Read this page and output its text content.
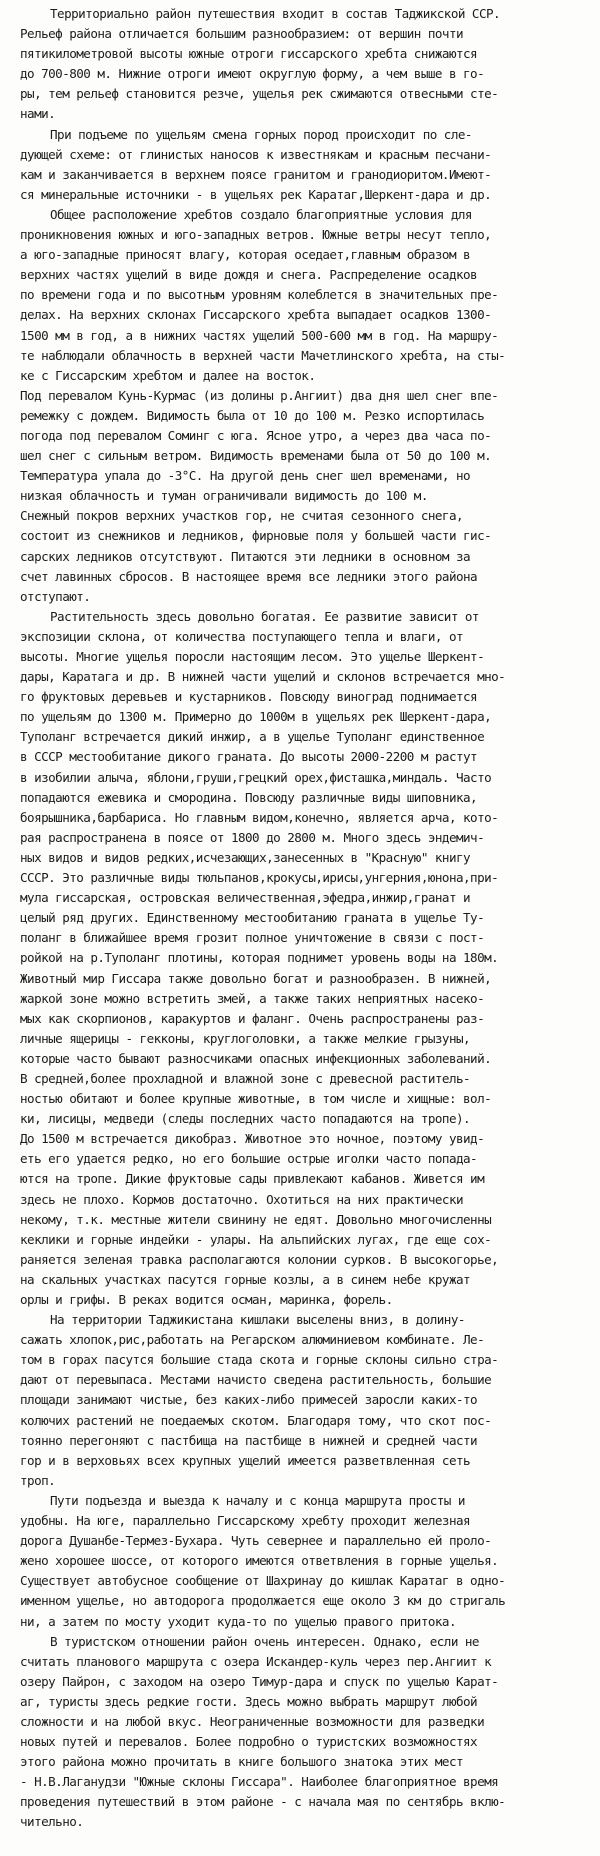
Территориально район путешествия входит в состав Таджикской ССР.
Рельеф района отличается большим разнообразием: от вершин почти
пятикилометровой высоты южные отроги гиссарского хребта снижаются
до 700-800 м. Нижние отроги имеют округлую форму, а чем выше в го-
ры, тем рельеф становится резче, ущелья рек сжимаются отвесными сте-
нами.
При подъеме по ущельям смена горных пород происходит по сле-
дующей схеме: от глинистых наносов к известнякам и красным песчани-
кам и заканчивается в верхнем поясе гранитом и гранодиоритом.Имеют-
ся минеральные источники - в ущельях рек Каратаг,Шеркент-дара и др.
Общее расположение хребтов создало благоприятные условия для
проникновения южных и юго-западных ветров. Южные ветры несут тепло,
а юго-западные приносят влагу, которая оседает,главным образом в
верхних частях ущелий в виде дождя и снега. Распределение осадков
по времени года и по высотным уровням колеблется в значительных пре-
делах. На верхних склонах Гиссарского хребта выпадает осадков 1300-
1500 мм в год, а в нижних частях ущелий 500-600 мм в год. На маршру-
те наблюдали облачность в верхней части Мачетлинского хребта, на сты-
ке с Гиссарским хребтом и далее на восток.
Под перевалом Кунь-Курмас (из долины р.Ангиит) два дня шел снег впе-
ремежку с дождем. Видимость была от 10 до 100 м. Резко испортилась
погода под перевалом Соминг с юга. Ясное утро, а через два часа по-
шел снег с сильным ветром. Видимость временами была от 50 до 100 м.
Температура упала до -3°С. На другой день снег шел временами, но
низкая облачность и туман ограничивали видимость до 100 м.
Снежный покров верхних участков гор, не считая сезонного снега,
состоит из снежников и ледников, фирновые поля у большей части гис-
сарских ледников отсутствуют. Питаются эти ледники в основном за
счет лавинных сбросов. В настоящее время все ледники этого района
отступают.
Растительность здесь довольно богатая. Ее развитие зависит от
экспозиции склона, от количества поступающего тепла и влаги, от
высоты. Многие ущелья поросли настоящим лесом. Это ущелье Шеркент-
дары, Каратага и др. В нижней части ущелий и склонов встречается мно-
го фруктовых деревьев и кустарников. Повсюду виноград поднимается
по ущельям до 1300 м. Примерно до 1000м в ущельях рек Шеркент-дара,
Туполанг встречается дикий инжир, а в ущелье Туполанг единственное
в СССР местообитание дикого граната. До высоты 2000-2200 м растут
в изобилии алыча, яблони,груши,грецкий орех,фисташка,миндаль. Часто
попадаются ежевика и смородина. Повсюду различные виды шиповника,
боярышника,барбариса. Но главным видом,конечно, является арча, кото-
рая распространена в поясе от 1800 до 2800 м. Много здесь эндемич-
ных видов и видов редких,исчезающих,занесенных в "Красную" книгу
СССР. Это различные виды тюльпанов,крокусы,ирисы,унгерния,юнона,при-
мула гиссарская, островская величественная,эфедра,инжир,гранат и
целый ряд других. Единственному местообитанию граната в ущелье Ту-
поланг в ближайшее время грозит полное уничтожение в связи с пост-
ройкой на р.Туполанг плотины, которая поднимет уровень воды на 180м.
Животный мир Гиссара также довольно богат и разнообразен. В нижней,
жаркой зоне можно встретить змей, а также таких неприятных насеко-
мых как скорпионов, каракуртов и фаланг. Очень распространены раз-
личные ящерицы - гекконы, круглоголовки, а также мелкие грызуны,
которые часто бывают разносчиками опасных инфекционных заболеваний.
В средней,более прохладной и влажной зоне с древесной раститель-
ностью обитают и более крупные животные, в том числе и хищные: вол-
ки, лисицы, медведи (следы последних часто попадаются на тропе).
До 1500 м встречается дикобраз. Животное это ночное, поэтому увид-
еть его удается редко, но его большие острые иголки часто попада-
ются на тропе. Дикие фруктовые сады привлекают кабанов. Живется им
здесь не плохо. Кормов достаточно. Охотиться на них практически
некому, т.к. местные жители свинину не едят. Довольно многочисленны
кеклики и горные индейки - улары. На альпийских лугах, где еще сох-
раняется зеленая травка располагаются колонии сурков. В высокогорье,
на скальных участках пасутся горные козлы, а в синем небе кружат
орлы и грифы. В реках водится осман, маринка, форель.
На территории Таджикистана кишлаки выселены вниз, в долину-
сажать хлопок,рис,работать на Регарском алюминиевом комбинате. Ле-
том в горах пасутся большие стада скота и горные склоны сильно стра-
дают от перевыпаса. Местами начисто сведена растительность, большие
площади занимают чистые, без каких-либо примесей заросли каких-то
колючих растений не поедаемых скотом. Благодаря тому, что скот пос-
тоянно перегоняют с пастбища на пастбище в нижней и средней части
гор и в верховьях всех крупных ущелий имеется разветвленная сеть
троп.
Пути подъезда и выезда к началу и с конца маршрута просты и
удобны. На юге, параллельно Гиссарскому хребту проходит железная
дорога Душанбе-Термез-Бухара. Чуть севернее и параллельно ей проло-
жено хорошее шоссе, от которого имеются ответвления в горные ущелья.
Существует автобусное сообщение от Шахринау до кишлак Каратаг в одно-
именном ущелье, но автодорога продолжается еще около 3 км до стригаль
ни, а затем по мосту уходит куда-то по ущелью правого притока.
В туристском отношении район очень интересен. Однако, если не
считать планового маршрута с озера Искандер-куль через пер.Ангиит к
озеру Пайрон, с заходом на озеро Тимур-дара и спуск по ущелью Карат-
аг, туристы здесь редкие гости. Здесь можно выбрать маршрут любой
сложности и на любой вкус. Неограниченные возможности для разведки
новых путей и перевалов. Более подробно о туристских возможностях
этого района можно прочитать в книге большого знатока этих мест
- Н.В.Лаганудзи "Южные склоны Гиссара". Наиболее благоприятное время
проведения путешествий в этом районе - с начала мая по сентябрь вклю-
чительно.
